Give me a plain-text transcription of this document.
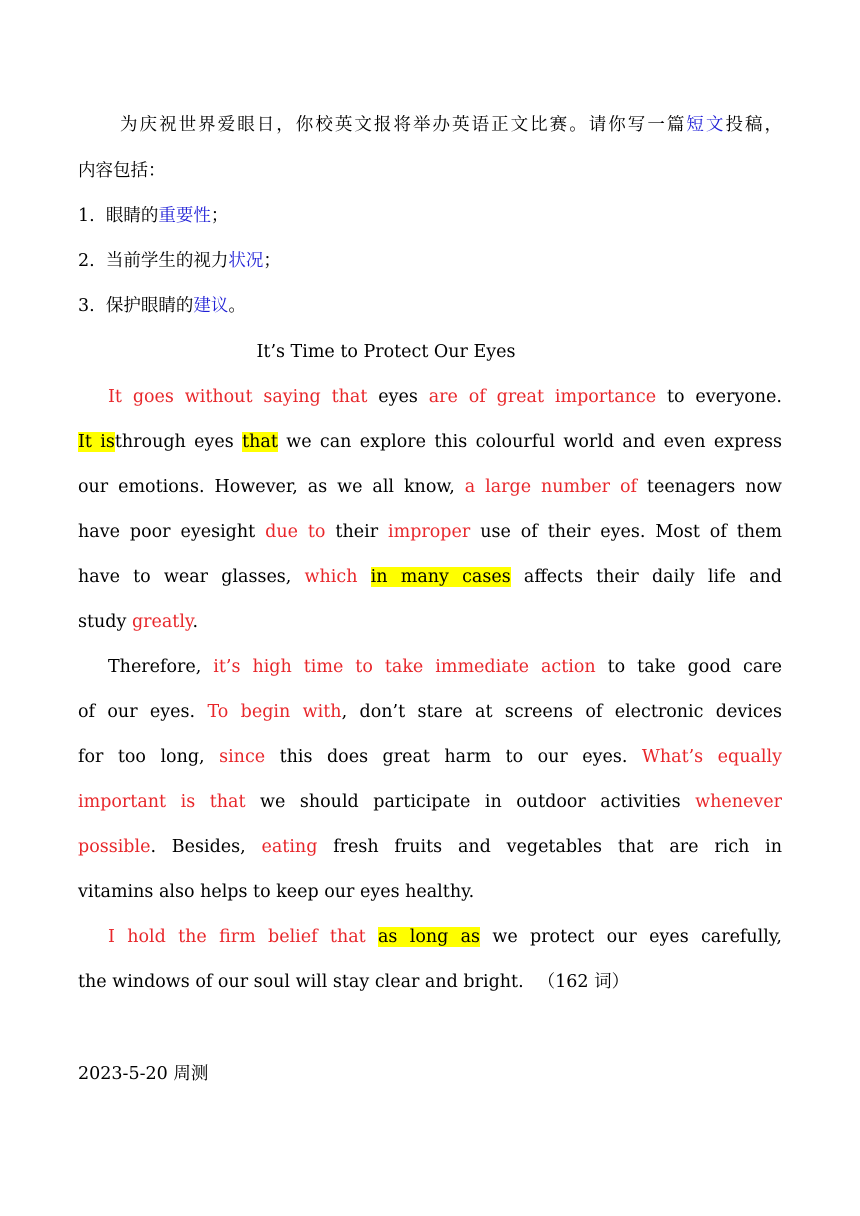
为庆祝世界爱眼日，你校英文报将举办英语正文比赛。请你写一篇短文投稿，
内容包括：
1. 眼睛的重要性；
2. 当前学生的视力状况；
3. 保护眼睛的建议。
It’s Time to Protect Our Eyes
It goes without saying that eyes are of great importance to everyone.
It isthrough eyes that we can explore this colourful world and even express
our emotions. However, as we all know, a large number of teenagers now
have poor eyesight due to their improper use of their eyes. Most of them
have to wear glasses, which in many cases affects their daily life and
study greatly.
Therefore, it’s high time to take immediate action to take good care
of our eyes. To begin with, don’t stare at screens of electronic devices
for too long, since this does great harm to our eyes. What’s equally
important is that we should participate in outdoor activities whenever
possible. Besides, eating fresh fruits and vegetables that are rich in
vitamins also helps to keep our eyes healthy.
I hold the firm belief that as long as we protect our eyes carefully,
the windows of our soul will stay clear and bright. （162 词）
2023-5-20 周测
